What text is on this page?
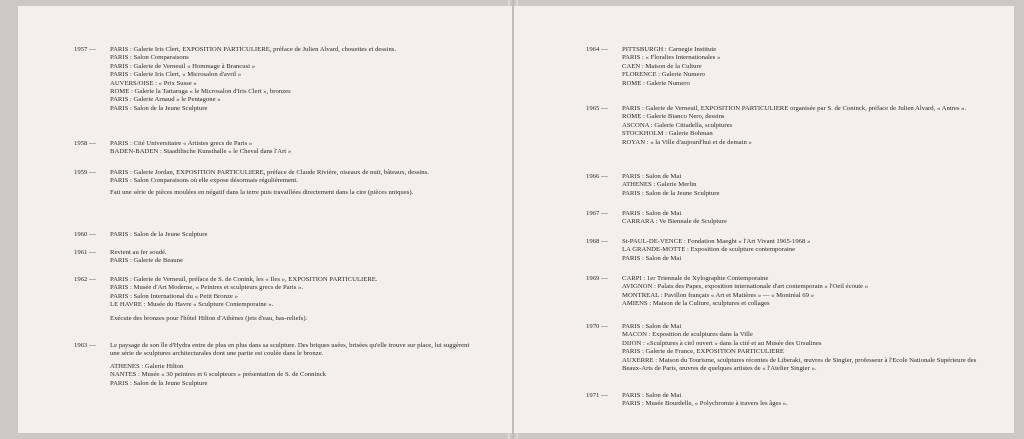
1957 —	PARIS : Galerie Iris Clert, EXPOSITION PARTICULIERE, préface de Julien Alvard, chouettes et dessins.
PARIS : Salon Comparaisons
PARIS : Galerie de Verneuil « Hommage à Brancusi »
PARIS : Galerie Iris Clert, « Microsalon d'avril »
AUVERS/OISE : « Prix Susse »
ROME : Galerie la Tartaruga « le Microsalon d'Iris Clert », bronzes
PARIS : Galerie Arnaud « le Pentagone »
PARIS : Salon de la Jeune Sculpture
1958 —	PARIS : Cité Universitaire « Artistes grecs de Paris »
BADEN-BADEN : Staadtlische Kunsthalle « le Cheval dans l'Art »
1959 —	PARIS : Galerie Jordan, EXPOSITION PARTICULIERE, préface de Claude Rivière, oiseaux de nuit, bâteaux, dessins.
PARIS : Salon Comparaisons où elle expose désormais régulièrement.
Fait une série de pièces moulées en négatif dans la terre puis travaillées directement dans la cire (pièces uniques).
1960 —	PARIS : Salon de la Jeune Sculpture
1961 —	Revient au fer soudé.
PARIS : Galerie de Beaune
1962 —	PARIS : Galerie de Verneuil, préface de S. de Conink, les « Iles », EXPOSITION PARTICULIERE.
PARIS : Musée d'Art Moderne, « Peintres et sculpteurs grecs de Paris ».
PARIS : Salon International du « Petit Bronze »
LE HAVRE : Musée du Havre « Sculpture Contemporaine ».
Exécute des bronzes pour l'hôtel Hilton d'Athènes (jets d'eau, bas-reliefs).
1963 —	Le paysage de son île d'Hydra entre de plus en plus dans sa sculpture. Des briques usées, brisées qu'elle trouve sur place, lui suggèrent une série de sculptures architecturales dont une partie est coulée dans le bronze.
ATHENES : Galerie Hilton
NANTES : Musée « 30 peintres et 6 sculpteurs » présentation de S. de Conninck
PARIS : Salon de la Jeune Sculpture
1964 —	PITTSBURGH : Carnegie Institute
PARIS : « Floralies Internationales »
CAEN : Maison de la Culture
FLORENCE : Galerie Numero
ROME : Galerie Numero
1965 —	PARIS : Galerie de Verneuil, EXPOSITION PARTICULIERE organisée par S. de Coninck, préface de Julien Alvard, « Antres ».
ROME : Galerie Bianco Nero, dessins
ASCONA : Galerie Cittadella, sculptures
STOCKHOLM : Galerie Bohman
ROYAN : « la Ville d'aujourd'hui et de demain »
1966 —	PARIS : Salon de Mai
ATHENES : Galerie Merlin
PARIS : Salon de la Jeune Sculpture
1967 —	PARIS : Salon de Mai
CARRARA : Ve Biennale de Sculpture
1968 —	St-PAUL-DE-VENCE : Fondation Maeght « l'Art Vivant 1965-1968 »
LA GRANDE-MOTTE : Exposition de sculpture contemporaine
PARIS : Salon de Mai
1969 —	CARPI : 1er Triennale de Xylographie Contemporaine
AVIGNON : Palais des Papes, exposition internationale d'art contemporain « l'Oeil écoute »
MONTREAL : Pavillon français « Art et Matières » — « Montréal 69 »
AMIENS : Maison de la Culture, sculptures et collages
1970 —	PARIS : Salon de Mai
MACON : Exposition de sculptures dans la Ville
DIJON : «Sculptures à ciel ouvert » dans la cité et au Musée des Ursulines
PARIS : Galerie de France, EXPOSITION PARTICULIERE
AUXERRE : Maison du Tourisme, sculptures récentes de Liberaki, œuvres de Singier, professeur à l'Ecole Nationale Supérieure des Beaux-Arts de Paris, œuvres de quelques artistes de « l'Atelier Singier ».
1971 —	PARIS : Salon de Mai
PARIS : Musée Bourdelle, « Polychromie à travers les âges ».
